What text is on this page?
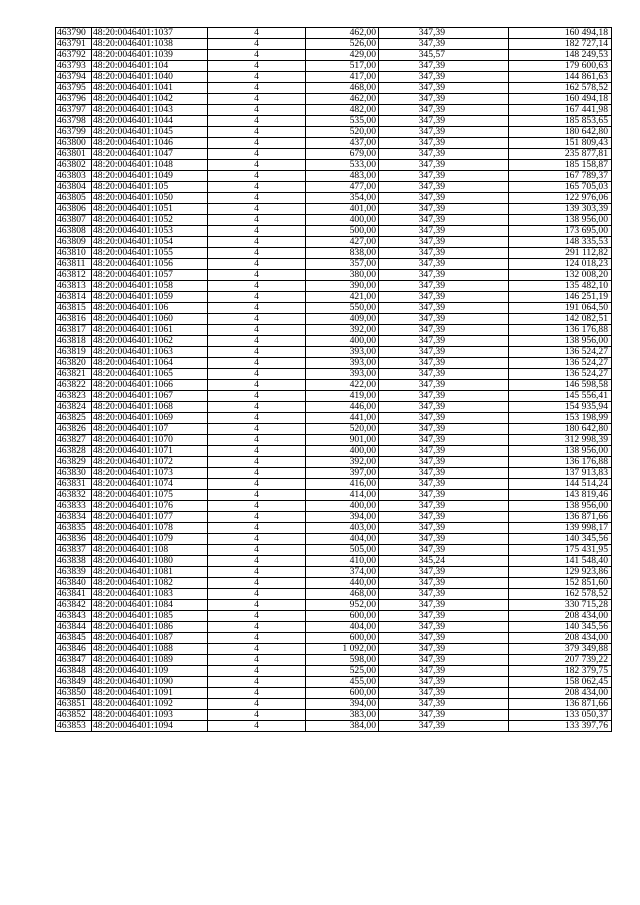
463790	48:20:0046401:1037	4	462,00	347,39	160 494,18
463791	48:20:0046401:1038	4	526,00	347,39	182 727,14
463792	48:20:0046401:1039	4	429,00	345,57	148 249,53
463793	48:20:0046401:104	4	517,00	347,39	179 600,63
463794	48:20:0046401:1040	4	417,00	347,39	144 861,63
463795	48:20:0046401:1041	4	468,00	347,39	162 578,52
463796	48:20:0046401:1042	4	462,00	347,39	160 494,18
463797	48:20:0046401:1043	4	482,00	347,39	167 441,98
463798	48:20:0046401:1044	4	535,00	347,39	185 853,65
463799	48:20:0046401:1045	4	520,00	347,39	180 642,80
463800	48:20:0046401:1046	4	437,00	347,39	151 809,43
463801	48:20:0046401:1047	4	679,00	347,39	235 877,81
463802	48:20:0046401:1048	4	533,00	347,39	185 158,87
463803	48:20:0046401:1049	4	483,00	347,39	167 789,37
463804	48:20:0046401:105	4	477,00	347,39	165 705,03
463805	48:20:0046401:1050	4	354,00	347,39	122 976,06
463806	48:20:0046401:1051	4	401,00	347,39	139 303,39
463807	48:20:0046401:1052	4	400,00	347,39	138 956,00
463808	48:20:0046401:1053	4	500,00	347,39	173 695,00
463809	48:20:0046401:1054	4	427,00	347,39	148 335,53
463810	48:20:0046401:1055	4	838,00	347,39	291 112,82
463811	48:20:0046401:1056	4	357,00	347,39	124 018,23
463812	48:20:0046401:1057	4	380,00	347,39	132 008,20
463813	48:20:0046401:1058	4	390,00	347,39	135 482,10
463814	48:20:0046401:1059	4	421,00	347,39	146 251,19
463815	48:20:0046401:106	4	550,00	347,39	191 064,50
463816	48:20:0046401:1060	4	409,00	347,39	142 082,51
463817	48:20:0046401:1061	4	392,00	347,39	136 176,88
463818	48:20:0046401:1062	4	400,00	347,39	138 956,00
463819	48:20:0046401:1063	4	393,00	347,39	136 524,27
463820	48:20:0046401:1064	4	393,00	347,39	136 524,27
463821	48:20:0046401:1065	4	393,00	347,39	136 524,27
463822	48:20:0046401:1066	4	422,00	347,39	146 598,58
463823	48:20:0046401:1067	4	419,00	347,39	145 556,41
463824	48:20:0046401:1068	4	446,00	347,39	154 935,94
463825	48:20:0046401:1069	4	441,00	347,39	153 198,99
463826	48:20:0046401:107	4	520,00	347,39	180 642,80
463827	48:20:0046401:1070	4	901,00	347,39	312 998,39
463828	48:20:0046401:1071	4	400,00	347,39	138 956,00
463829	48:20:0046401:1072	4	392,00	347,39	136 176,88
463830	48:20:0046401:1073	4	397,00	347,39	137 913,83
463831	48:20:0046401:1074	4	416,00	347,39	144 514,24
463832	48:20:0046401:1075	4	414,00	347,39	143 819,46
463833	48:20:0046401:1076	4	400,00	347,39	138 956,00
463834	48:20:0046401:1077	4	394,00	347,39	136 871,66
463835	48:20:0046401:1078	4	403,00	347,39	139 998,17
463836	48:20:0046401:1079	4	404,00	347,39	140 345,56
463837	48:20:0046401:108	4	505,00	347,39	175 431,95
463838	48:20:0046401:1080	4	410,00	345,24	141 548,40
463839	48:20:0046401:1081	4	374,00	347,39	129 923,86
463840	48:20:0046401:1082	4	440,00	347,39	152 851,60
463841	48:20:0046401:1083	4	468,00	347,39	162 578,52
463842	48:20:0046401:1084	4	952,00	347,39	330 715,28
463843	48:20:0046401:1085	4	600,00	347,39	208 434,00
463844	48:20:0046401:1086	4	404,00	347,39	140 345,56
463845	48:20:0046401:1087	4	600,00	347,39	208 434,00
463846	48:20:0046401:1088	4	1 092,00	347,39	379 349,88
463847	48:20:0046401:1089	4	598,00	347,39	207 739,22
463848	48:20:0046401:109	4	525,00	347,39	182 379,75
463849	48:20:0046401:1090	4	455,00	347,39	158 062,45
463850	48:20:0046401:1091	4	600,00	347,39	208 434,00
463851	48:20:0046401:1092	4	394,00	347,39	136 871,66
463852	48:20:0046401:1093	4	383,00	347,39	133 050,37
463853	48:20:0046401:1094	4	384,00	347,39	133 397,76
